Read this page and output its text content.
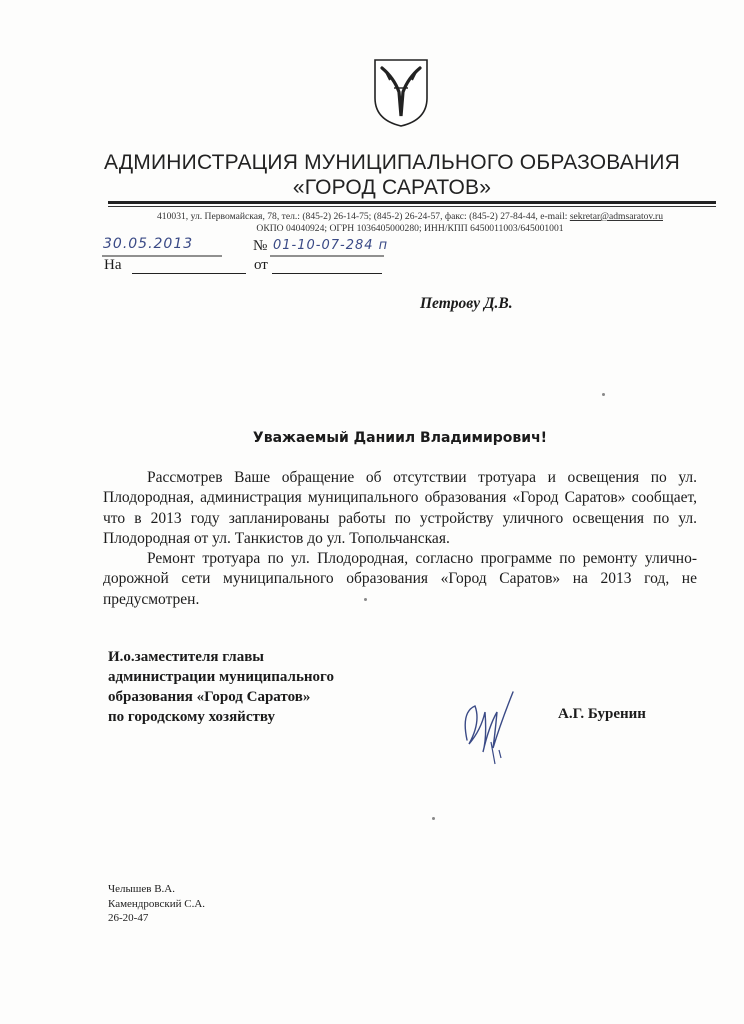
АДМИНИСТРАЦИЯ МУНИЦИПАЛЬНОГО ОБРАЗОВАНИЯ
«ГОРОД САРАТОВ»
410031, ул. Первомайская, 78, тел.: (845-2) 26-14-75; (845-2) 26-24-57, факс: (845-2) 27-84-44, e-mail: sekretar@admsaratov.ru
ОКПО 04040924; ОГРН 1036405000280; ИНН/КПП 6450011003/645001001
30.05.2013	№ 01-10-07-284 п
На	от
Петрову Д.В.
Уважаемый Даниил Владимирович!

Рассмотрев Ваше обращение об отсутствии тротуара и освещения по ул. Плодородная, администрация муниципального образования «Город Саратов» сообщает, что в 2013 году запланированы работы по устройству уличного освещения по ул. Плодородная от ул. Танкистов до ул. Топольчанская.

Ремонт тротуара по ул. Плодородная, согласно программе по ремонту улично-дорожной сети муниципального образования «Город Саратов» на 2013 год, не предусмотрен.

И.о.заместителя главы
администрации муниципального
образования «Город Саратов»
по городскому хозяйству	А.Г. Буренин
Челышев В.А.
Камендровский С.А.
26-20-47
